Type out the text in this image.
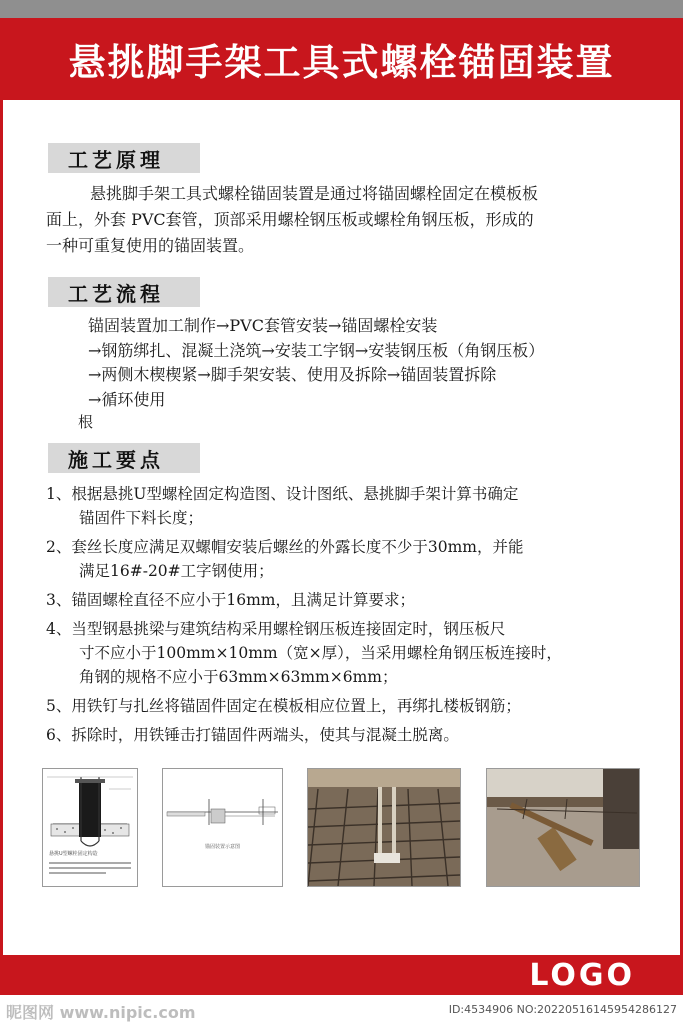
悬挑脚手架工具式螺栓锚固装置
工艺原理
悬挑脚手架工具式螺栓锚固装置是通过将锚固螺栓固定在模板板
面上，外套 PVC套管，顶部采用螺栓钢压板或螺栓角钢压板，形成的
一种可重复使用的锚固装置。
工艺流程
锚固装置加工制作→PVC套管安装→锚固螺栓安装
→钢筋绑扎、混凝土浇筑→安装工字钢→安装钢压板（角钢压板）
→两侧木楔楔紧→脚手架安装、使用及拆除→锚固装置拆除
→循环使用
根
施工要点
1、根据悬挑U型螺栓固定构造图、设计图纸、悬挑脚手架计算书确定
锚固件下料长度；
2、套丝长度应满足双螺帽安装后螺丝的外露长度不少于30mm，并能
满足16#-20#工字钢使用；
3、锚固螺栓直径不应小于16mm，且满足计算要求；
4、当型钢悬挑梁与建筑结构采用螺栓钢压板连接固定时，钢压板尺
寸不应小于100mm×10mm（宽×厚），当采用螺栓角钢压板连接时，
角钢的规格不应小于63mm×63mm×6mm；
5、用铁钉与扎丝将锚固件固定在模板相应位置上，再绑扎楼板钢筋；
6、拆除时，用铁锤击打锚固件两端头，使其与混凝土脱离。
悬挑U型螺栓固定构造
锚固装置示意图
LOGO
昵图网 www.nipic.com	ID:4534906 NO:20220516145954286127
